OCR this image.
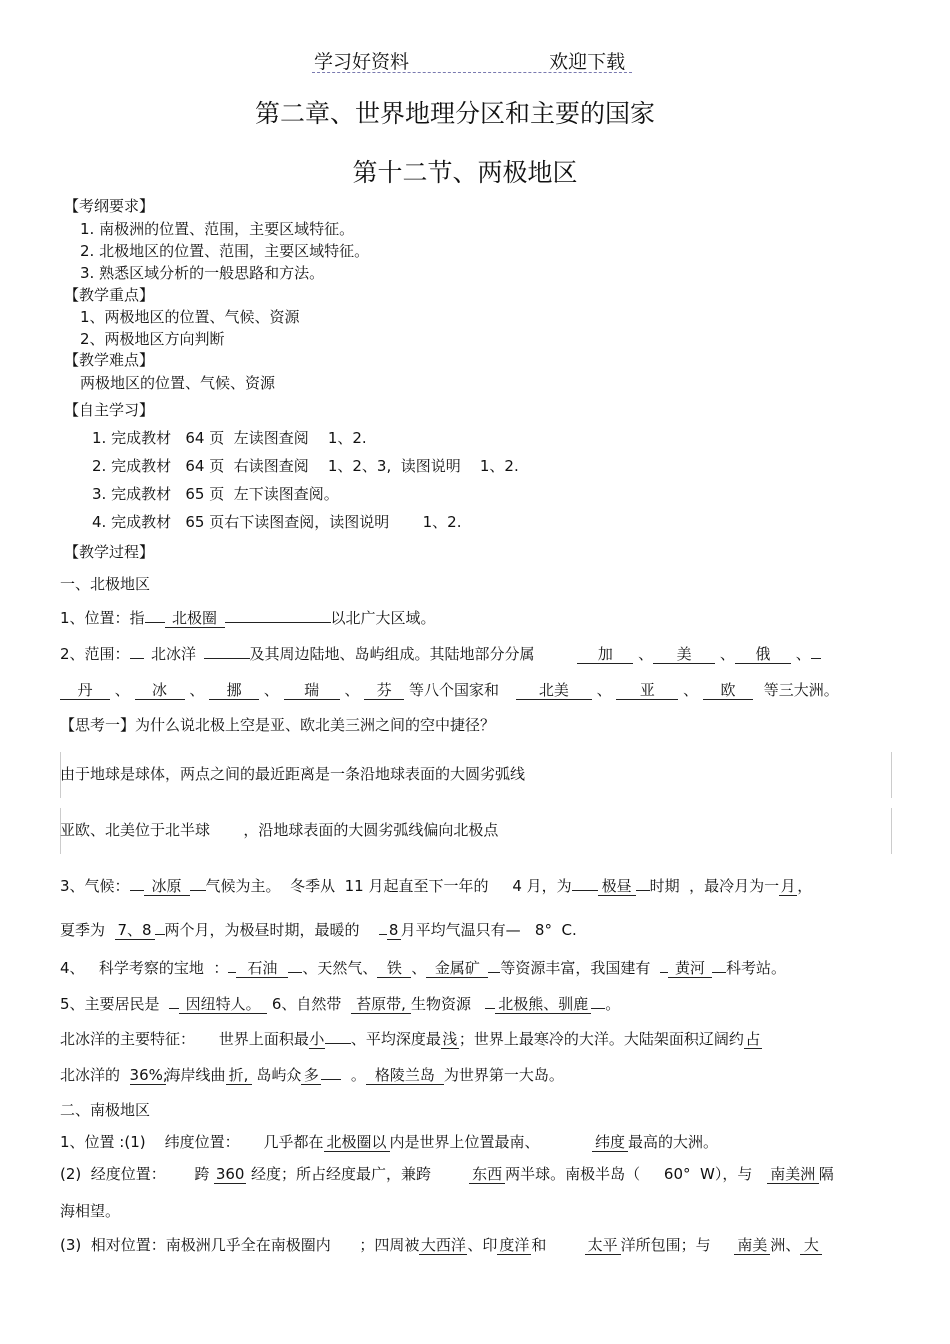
学习好资料	欢迎下载
第二章、世界地理分区和主要的国家
第十二节、两极地区
【考纲要求】
1. 南极洲的位置、范围，主要区域特征。
2. 北极地区的位置、范围，主要区域特征。
3. 熟悉区域分析的一般思路和方法。
【教学重点】
1、两极地区的位置、气候、资源
2、两极地区方向判断
【教学难点】
两极地区的位置、气候、资源
【自主学习】
1. 完成教材   64 页  左读图查阅    1、2.
2. 完成教材   64 页  右读图查阅    1、2、3,  读图说明    1、2.
3. 完成教材   65 页  左下读图查阅。
4. 完成教材   65 页右下读图查阅，读图说明       1、2.
【教学过程】
一、北极地区
1、位置：指 北极圈	以北广大区域。
2、范围： 北冰洋	及其周边陆地、岛屿组成。其陆地部分分属	加 、 美 、 俄 、
丹 、 冰 、 挪 、 瑞 、 芬 等八个国家和	北美 、 亚 、 欧 等三大洲。
【思考一】为什么说北极上空是亚、欧北美三洲之间的空中捷径？
由于地球是球体，两点之间的最近距离是一条沿地球表面的大圆劣弧线
亚欧、北美位于北半球       ，沿地球表面的大圆劣弧线偏向北极点
3、气候： 冰原 气候为主。  冬季从  11 月起直至下一年的     4 月，为 极昼 时期  ，最冷月为一月 ，
夏季为  7、8 两个月，为极昼时期，最暖的    8 月平均气温只有—   8°  C.
4、   科学考察的宝地  ： 石油 、天然气、 铁 、 金属矿 等资源丰富，我国建有  黄河 科考站。
5、主要居民是  因纽特人。 6、自然带  苔原带, 生物资源   北极熊、驯鹿 。
北冰洋的主要特征：     世界上面积最小 、平均深度最浅 ；世界上最寒冷的大洋。大陆架面积辽阔约占
北冰洋的  36%;海岸线曲 折, 岛屿众 多  。 格陵兰岛 为世界第一大岛。
二、南极地区
1、位置 :(1)    纬度位置：     几乎都在 北极圈以 内是世界上位置最南、           纬度 最高的大洲。
(2)  经度位置：      跨 360 经度；所占经度最广，兼跨        东西 两半球。南极半岛（     60°  W），与   南美洲 隔
海相望。
(3)  相对位置：南极洲几乎全在南极圈内      ；四周被大西洋 、印 度洋 和        太平 洋所包围；与     南美 洲、 大
